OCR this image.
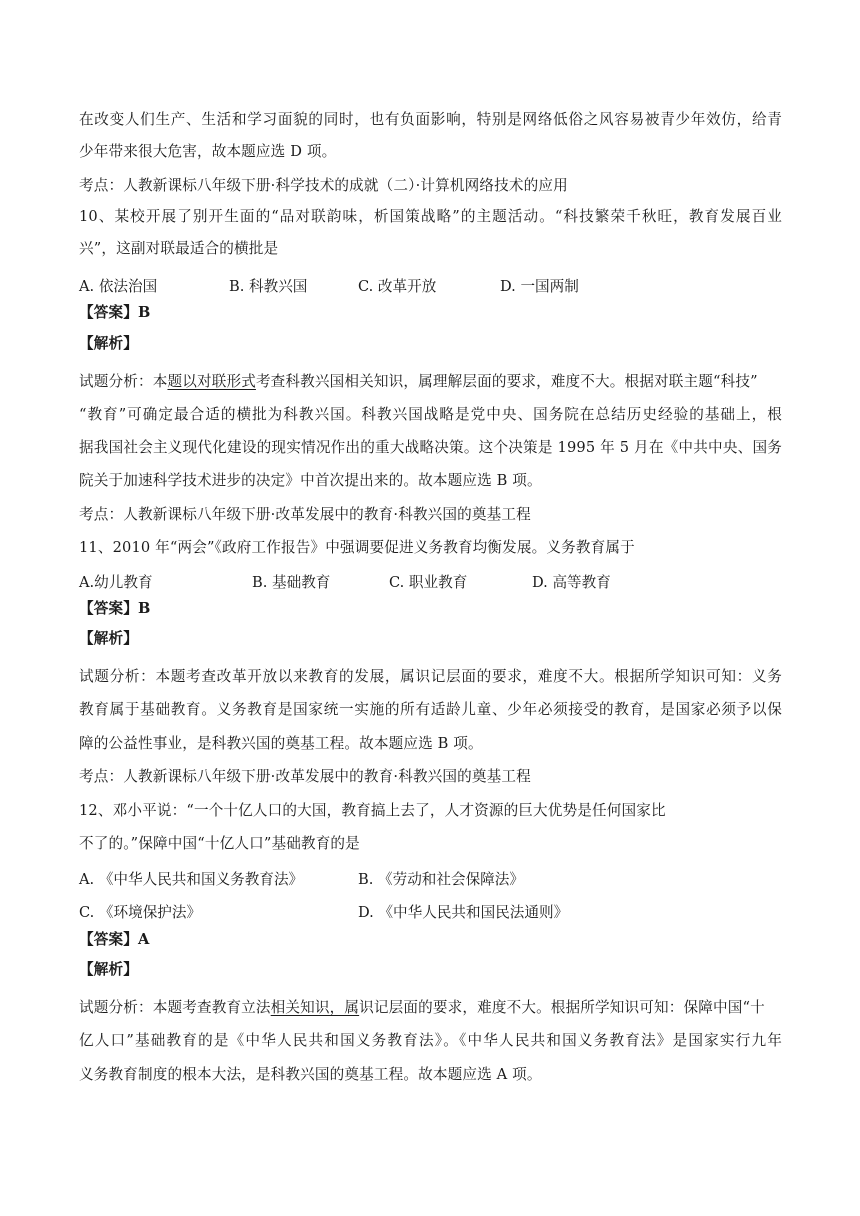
在改变人们生产、生活和学习面貌的同时，也有负面影响，特别是网络低俗之风容易被青少年效仿，给青
少年带来很大危害，故本题应选 D 项。
考点：人教新课标八年级下册·科学技术的成就（二）·计算机网络技术的应用
10、某校开展了别开生面的“品对联韵味，析国策战略”的主题活动。“科技繁荣千秋旺，教育发展百业
兴”，这副对联最适合的横批是
A. 依法治国	B. 科教兴国	C. 改革开放	D. 一国两制
【答案】B
【解析】
试题分析：本题以对联形式考查科教兴国相关知识，属理解层面的要求，难度不大。根据对联主题“科技”
“教育”可确定最合适的横批为科教兴国。科教兴国战略是党中央、国务院在总结历史经验的基础上，根
据我国社会主义现代化建设的现实情况作出的重大战略决策。这个决策是 1995 年 5 月在《中共中央、国务
院关于加速科学技术进步的决定》中首次提出来的。故本题应选 B 项。
考点：人教新课标八年级下册·改革发展中的教育·科教兴国的奠基工程
11、2010 年“两会”《政府工作报告》中强调要促进义务教育均衡发展。义务教育属于
A.幼儿教育	B. 基础教育	C. 职业教育	D. 高等教育
【答案】B
【解析】
试题分析：本题考查改革开放以来教育的发展，属识记层面的要求，难度不大。根据所学知识可知：义务
教育属于基础教育。义务教育是国家统一实施的所有适龄儿童、少年必须接受的教育，是国家必须予以保
障的公益性事业，是科教兴国的奠基工程。故本题应选 B 项。
考点：人教新课标八年级下册·改革发展中的教育·科教兴国的奠基工程
12、邓小平说：“一个十亿人口的大国，教育搞上去了，人才资源的巨大优势是任何国家比
不了的。”保障中国“十亿人口”基础教育的是
A. 《中华人民共和国义务教育法》	B. 《劳动和社会保障法》
C. 《环境保护法》	D. 《中华人民共和国民法通则》
【答案】A
【解析】
试题分析：本题考查教育立法相关知识，属识记层面的要求，难度不大。根据所学知识可知：保障中国“十
亿人口”基础教育的是《中华人民共和国义务教育法》。《中华人民共和国义务教育法》是国家实行九年
义务教育制度的根本大法，是科教兴国的奠基工程。故本题应选 A 项。
